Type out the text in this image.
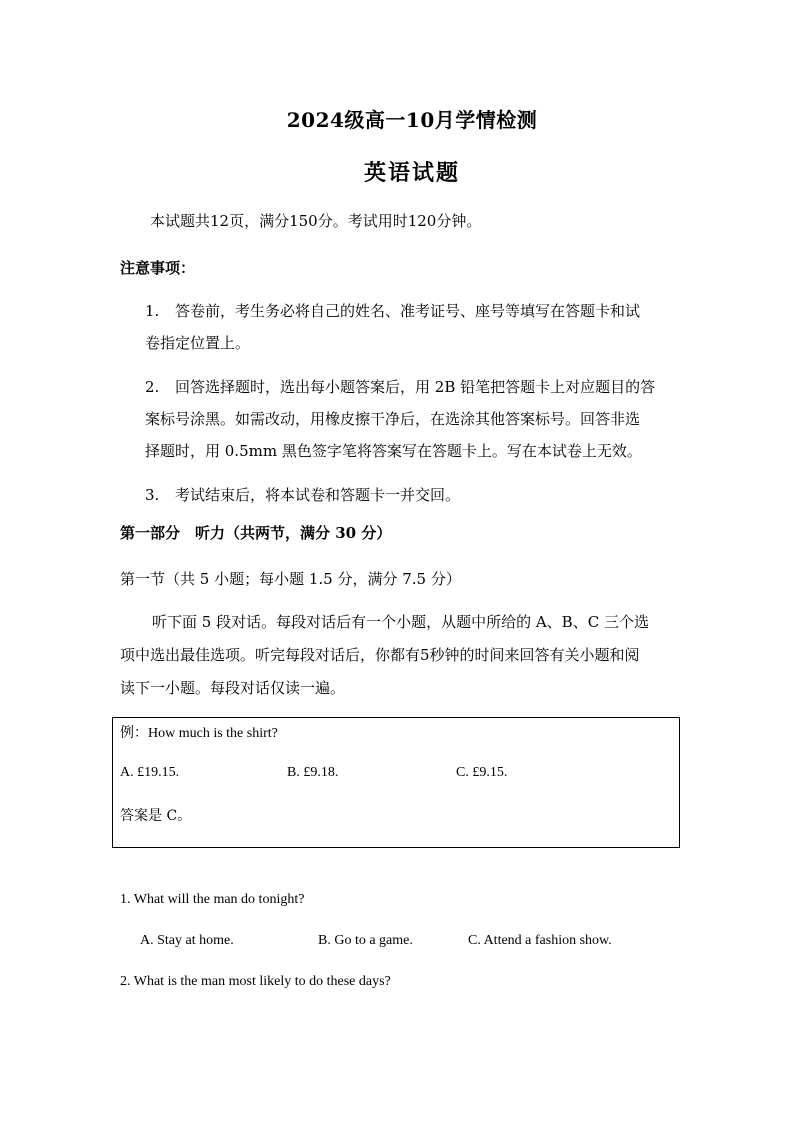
2024级高一10月学情检测
英语试题
本试题共12页，满分150分。考试用时120分钟。
注意事项：
1. 答卷前，考生务必将自己的姓名、准考证号、座号等填写在答题卡和试
卷指定位置上。
2. 回答选择题时，选出每小题答案后，用 2B 铅笔把答题卡上对应题目的答
案标号涂黑。如需改动，用橡皮擦干净后，在选涂其他答案标号。回答非选
择题时，用 0.5mm 黑色签字笔将答案写在答题卡上。写在本试卷上无效。
3. 考试结束后，将本试卷和答题卡一并交回。
第一部分　听力（共两节，满分 30 分）
第一节（共 5 小题；每小题 1.5 分，满分 7.5 分）
听下面 5 段对话。每段对话后有一个小题，从题中所给的 A、B、C 三个选
项中选出最佳选项。听完每段对话后，你都有5秒钟的时间来回答有关小题和阅
读下一小题。每段对话仅读一遍。
例：How much is the shirt?
A. £19.15.	B. £9.18.	C. £9.15.
答案是 C。
1. What will the man do tonight?
A. Stay at home.	B. Go to a game.	C. Attend a fashion show.
2. What is the man most likely to do these days?
